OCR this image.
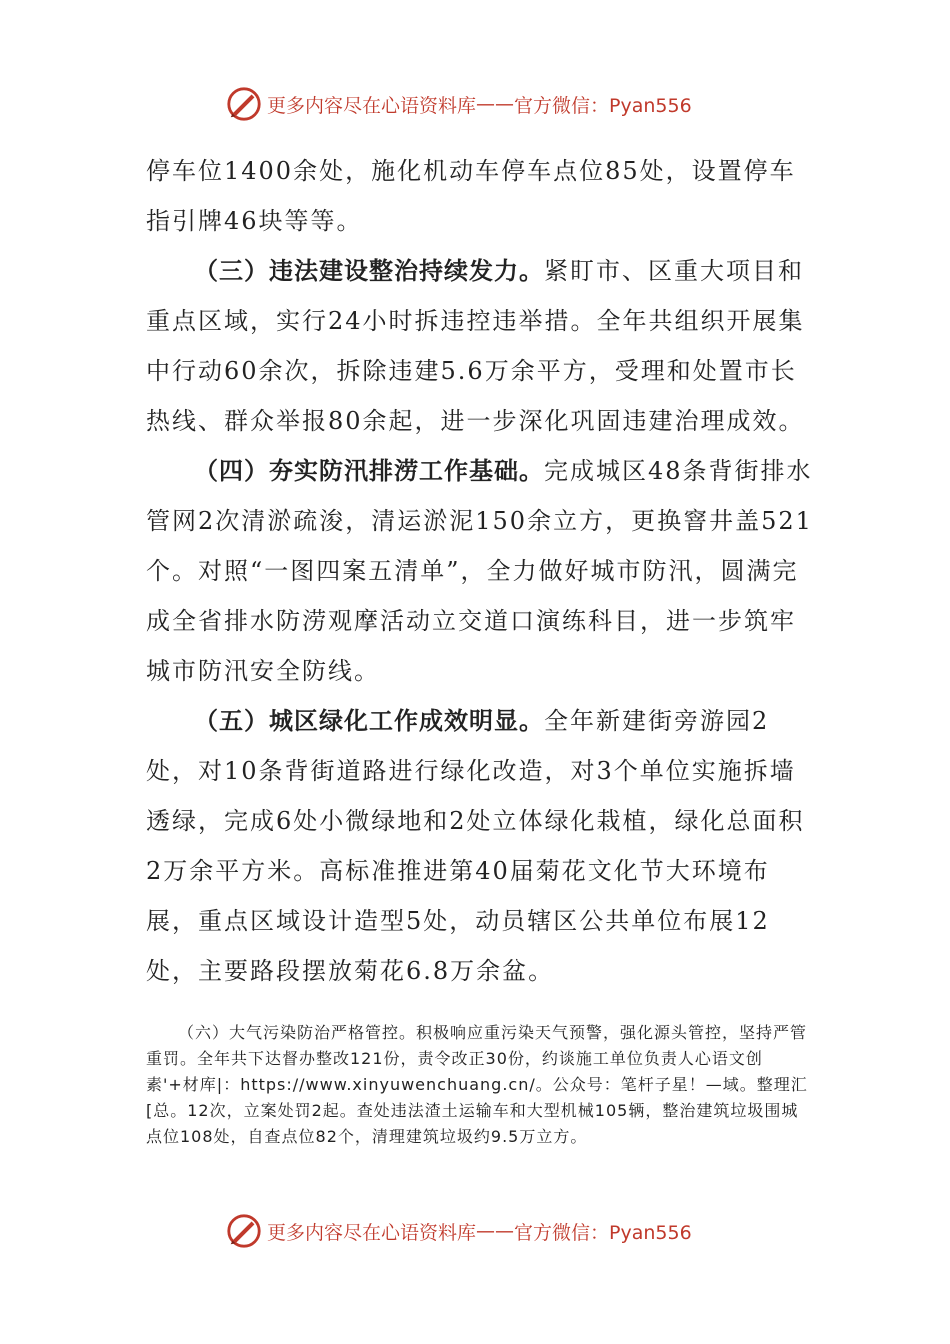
更多内容尽在心语资料库 —— 官方微信：Pyan556

停车位1400余处，施化机动车停车点位85处，设置停车指引牌46块等等。

（三）违法建设整治持续发力。紧盯市、区重大项目和重点区域，实行24小时拆违控违举措。全年共组织开展集中行动60余次，拆除违建5.6万余平方，受理和处置市长热线、群众举报80余起，进一步深化巩固违建治理成效。

（四）夯实防汛排涝工作基础。完成城区48条背街排水管网2次清淤疏浚，清运淤泥150余立方，更换窨井盖521个。对照“一图四案五清单”，全力做好城市防汛，圆满完成全省排水防涝观摩活动立交道口演练科目，进一步筑牢城市防汛安全防线。

（五）城区绿化工作成效明显。全年新建街旁游园2处，对10条背街道路进行绿化改造，对3个单位实施拆墙透绿，完成6处小微绿地和2处立体绿化栽植，绿化总面积2万余平方米。高标准推进第40届菊花文化节大环境布展，重点区域设计造型5处，动员辖区公共单位布展12处，主要路段摆放菊花6.8万余盆。

（六）大气污染防治严格管控。积极响应重污染天气预警，强化源头管控，坚持严管重罚。全年共下达督办整改121份，责令改正30份，约谈施工单位负责人心语文创素'+材库|：https://www.xinyuwenchuang.cn/。公众号：笔杆子星！—域。整理汇[总。12次，立案处罚2起。查处违法渣土运输车和大型机械105辆，整治建筑垃圾围城点位108处，自查点位82个，清理建筑垃圾约9.5万立方。

更多内容尽在心语资料库 —— 官方微信：Pyan556
